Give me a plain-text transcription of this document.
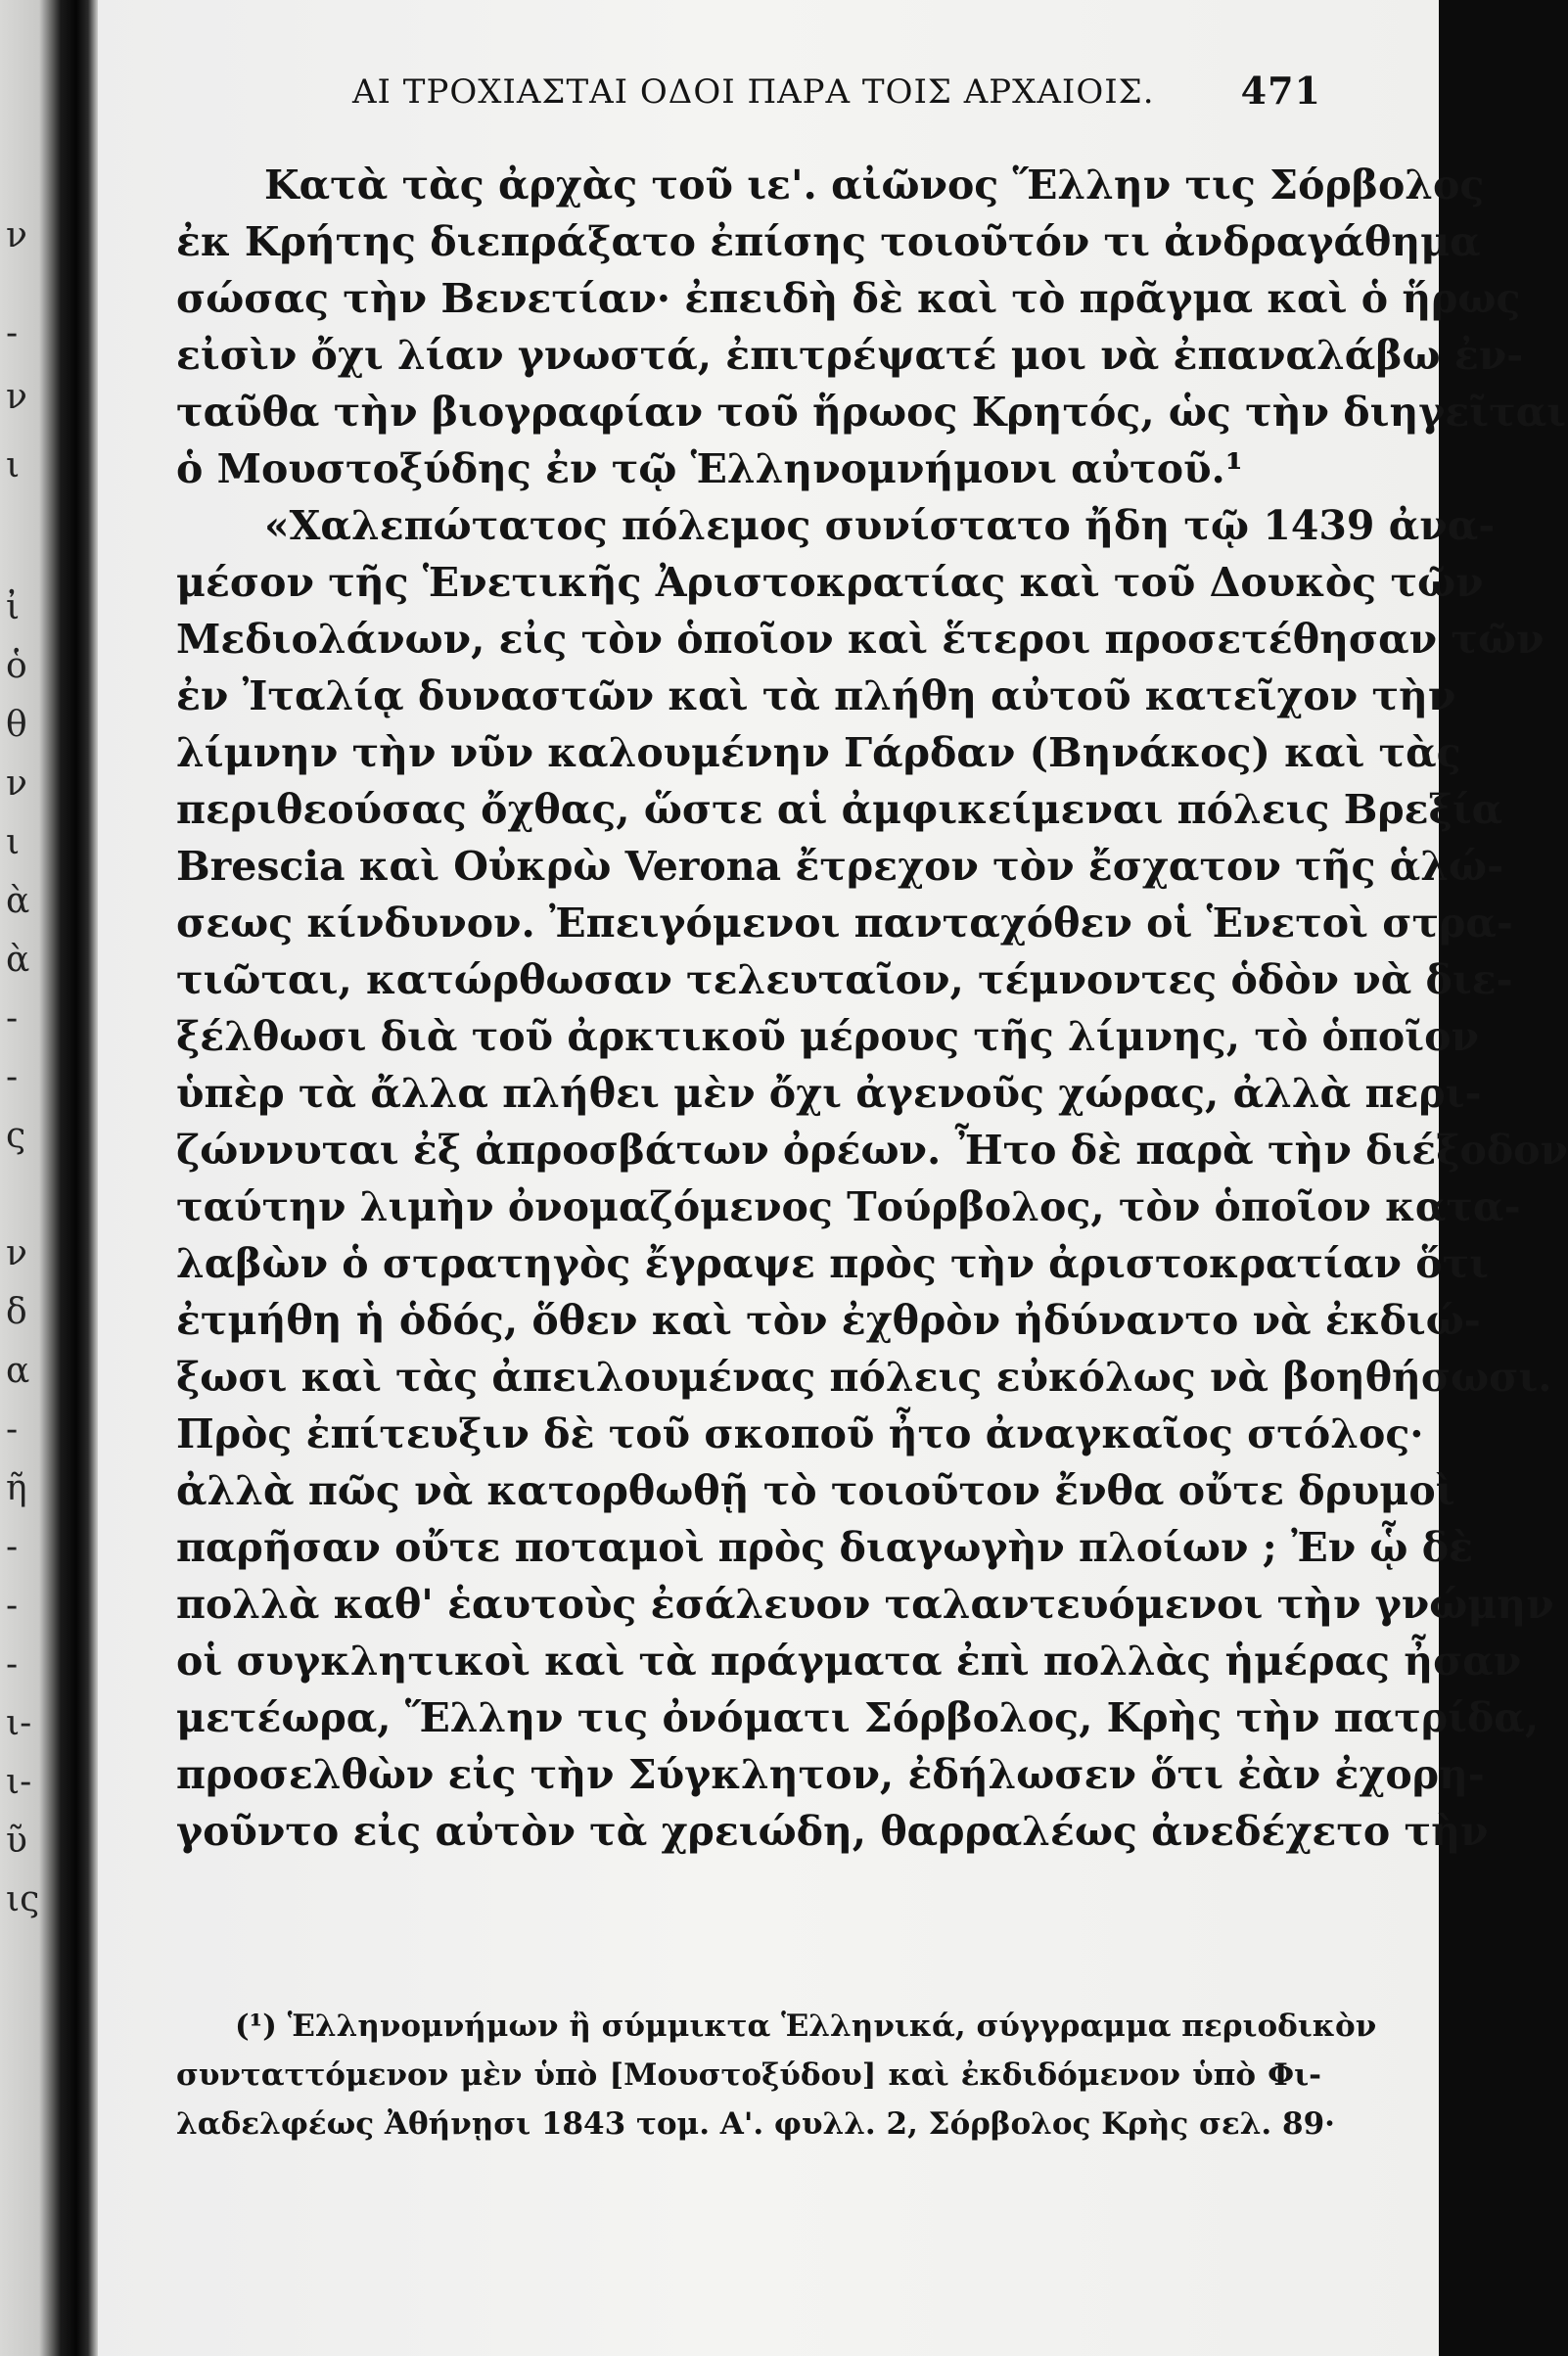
ν
-
ν
ι
ἰ
ὁ
θ
ν
ι
ὰ
ὰ
-
-
ς
ν
δ
α
-
ῆ
-
-
-
ι-
ι-
ῦ
ις
ΑΙ ΤΡΟΧΙΑΣΤΑΙ ΟΔΟΙ ΠΑΡΑ ΤΟΙΣ ΑΡΧΑΙΟΙΣ. 471
Κατὰ τὰς ἀρχὰς τοῦ ιε'. αἰῶνος Ἕλλην τις Σόρβολος
ἐκ Κρήτης διεπράξατο ἐπίσης τοιοῦτόν τι ἀνδραγάθημα
σώσας τὴν Βενετίαν· ἐπειδὴ δὲ καὶ τὸ πρᾶγμα καὶ ὁ ἥρως
εἰσὶν ὄχι λίαν γνωστά, ἐπιτρέψατέ μοι νὰ ἐπαναλάβω ἐν-
ταῦθα τὴν βιογραφίαν τοῦ ἥρωος Κρητός, ὡς τὴν διηγεῖται
ὁ Μουστοξύδης ἐν τῷ Ἑλληνομνήμονι αὐτοῦ.¹
«Χαλεπώτατος πόλεμος συνίστατο ἤδη τῷ 1439 ἀνα-
μέσον τῆς Ἑνετικῆς Ἀριστοκρατίας καὶ τοῦ Δουκὸς τῶν
Μεδιολάνων, εἰς τὸν ὁποῖον καὶ ἕτεροι προσετέθησαν τῶν
ἐν Ἰταλίᾳ δυναστῶν καὶ τὰ πλήθη αὐτοῦ κατεῖχον τὴν
λίμνην τὴν νῦν καλουμένην Γάρδαν (Βηνάκος) καὶ τὰς
περιθεούσας ὄχθας, ὥστε αἱ ἀμφικείμεναι πόλεις Βρεξία
Brescia καὶ Οὐκρὼ Verona ἔτρεχον τὸν ἔσχατον τῆς ἁλώ-
σεως κίνδυνον. Ἐπειγόμενοι πανταχόθεν οἱ Ἑνετοὶ στρα-
τιῶται, κατώρθωσαν τελευταῖον, τέμνοντες ὁδὸν νὰ διε-
ξέλθωσι διὰ τοῦ ἀρκτικοῦ μέρους τῆς λίμνης, τὸ ὁποῖον
ὑπὲρ τὰ ἄλλα πλήθει μὲν ὄχι ἀγενοῦς χώρας, ἀλλὰ περι-
ζώννυται ἐξ ἀπροσβάτων ὀρέων. Ἦτο δὲ παρὰ τὴν διέξοδον
ταύτην λιμὴν ὀνομαζόμενος Τούρβολος, τὸν ὁποῖον κατα-
λαβὼν ὁ στρατηγὸς ἔγραψε πρὸς τὴν ἀριστοκρατίαν ὅτι
ἐτμήθη ἡ ὁδός, ὅθεν καὶ τὸν ἐχθρὸν ἠδύναντο νὰ ἐκδιώ-
ξωσι καὶ τὰς ἀπειλουμένας πόλεις εὐκόλως νὰ βοηθήσωσι.
Πρὸς ἐπίτευξιν δὲ τοῦ σκοποῦ ἦτο ἀναγκαῖος στόλος·
ἀλλὰ πῶς νὰ κατορθωθῇ τὸ τοιοῦτον ἔνθα οὔτε δρυμοὶ
παρῆσαν οὔτε ποταμοὶ πρὸς διαγωγὴν πλοίων ; Ἐν ᾧ δὲ
πολλὰ καθ' ἑαυτοὺς ἐσάλευον ταλαντευόμενοι τὴν γνώμην
οἱ συγκλητικοὶ καὶ τὰ πράγματα ἐπὶ πολλὰς ἡμέρας ἦσαν
μετέωρα, Ἕλλην τις ὀνόματι Σόρβολος, Κρὴς τὴν πατρίδα,
προσελθὼν εἰς τὴν Σύγκλητον, ἐδήλωσεν ὅτι ἐὰν ἐχορη-
γοῦντο εἰς αὐτὸν τὰ χρειώδη, θαρραλέως ἀνεδέχετο τὴν
(¹) Ἑλληνομνήμων ἢ σύμμικτα Ἑλληνικά, σύγγραμμα περιοδικὸν
συνταττόμενον μὲν ὑπὸ [Μουστοξύδου] καὶ ἐκδιδόμενον ὑπὸ Φι-
λαδελφέως Ἀθήνῃσι 1843 τομ. Α'. φυλλ. 2, Σόρβολος Κρὴς σελ. 89·
